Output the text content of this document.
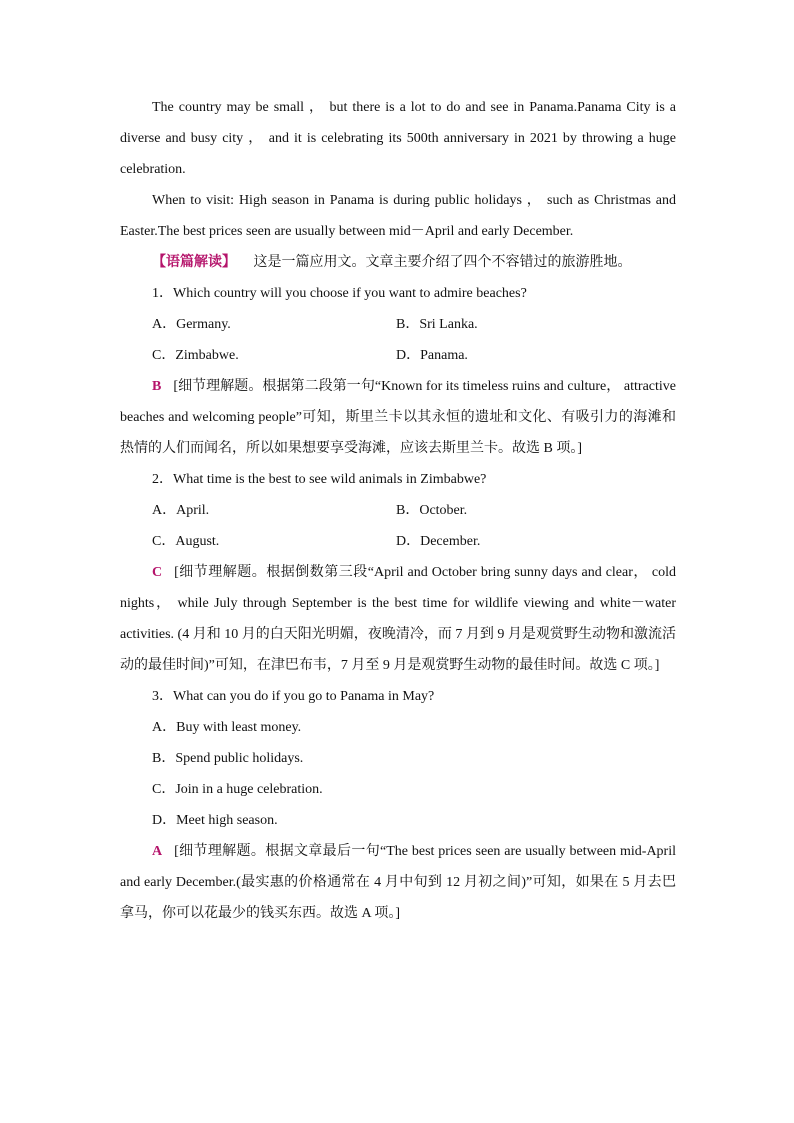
The country may be small ， but there is a lot to do and see in Panama.Panama City is a diverse and busy city ， and it is celebrating its 500th anniversary in 2021 by throwing a huge celebration.

When to visit: High season in Panama is during public holidays ， such as Christmas and Easter.The best prices seen are usually between mid－April and early December.

【语篇解读】 这是一篇应用文。文章主要介绍了四个不容错过的旅游胜地。

1．Which country will you choose if you want to admire beaches?

A．Germany.	B．Sri Lanka.
C．Zimbabwe.	D．Panama.

B [细节理解题。根据第二段第一句“Known for its timeless ruins and culture， attractive beaches and welcoming people”可知，斯里兰卡以其永恒的遗址和文化、有吸引力的海滩和热情的人们而闻名，所以如果想要享受海滩，应该去斯里兰卡。故选 B 项。]

2．What time is the best to see wild animals in Zimbabwe?

A．April.	B．October.
C．August.	D．December.

C [细节理解题。根据倒数第三段“April and October bring sunny days and clear， cold nights， while July through September is the best time for wildlife viewing and white－water activities. (4 月和 10 月的白天阳光明媚，夜晚清冷，而 7 月到 9 月是观赏野生动物和激流活动的最佳时间)”可知，在津巴布韦，7 月至 9 月是观赏野生动物的最佳时间。故选 C 项。]

3．What can you do if you go to Panama in May?

A．Buy with least money.

B．Spend public holidays.

C．Join in a huge celebration.

D．Meet high season.

A [细节理解题。根据文章最后一句“The best prices seen are usually between mid-April and early December.(最实惠的价格通常在 4 月中旬到 12 月初之间)”可知，如果在 5 月去巴拿马，你可以花最少的钱买东西。故选 A 项。]
